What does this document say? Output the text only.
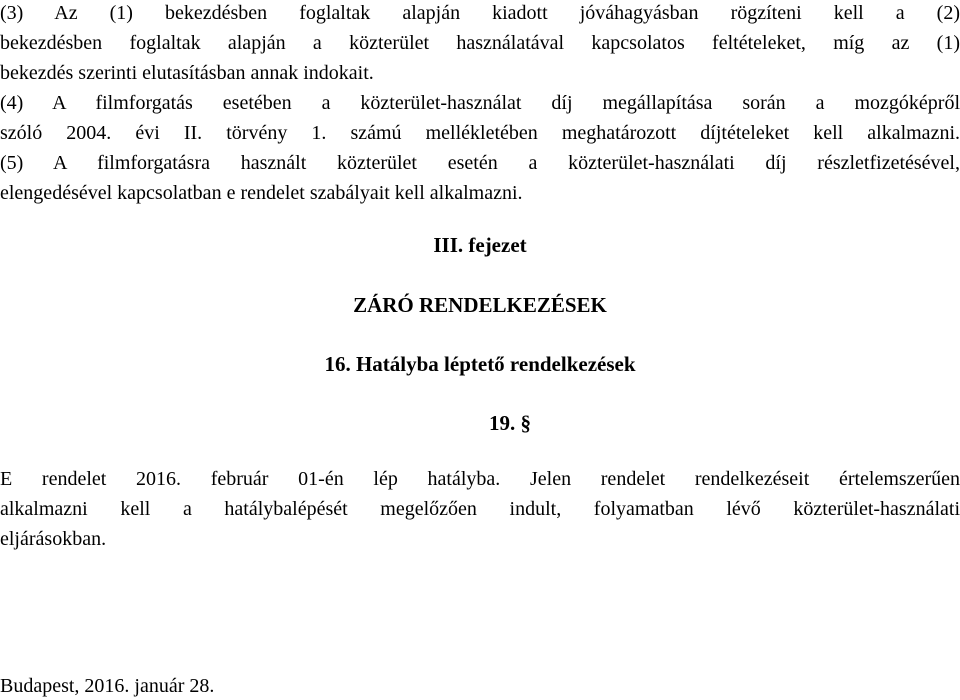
(3) Az (1) bekezdésben foglaltak alapján kiadott jóváhagyásban rögzíteni kell a (2)
bekezdésben foglaltak alapján a közterület használatával kapcsolatos feltételeket, míg az (1)
bekezdés szerinti elutasításban annak indokait.
(4) A filmforgatás esetében a közterület-használat díj megállapítása során a mozgóképről
szóló 2004. évi II. törvény 1. számú mellékletében meghatározott díjtételeket kell alkalmazni.
(5) A filmforgatásra használt közterület esetén a közterület-használati díj részletfizetésével,
elengedésével kapcsolatban e rendelet szabályait kell alkalmazni.
III. fejezet
ZÁRÓ RENDELKEZÉSEK
16. Hatályba léptető rendelkezések
19. §
E rendelet 2016. február 01-én lép hatályba. Jelen rendelet rendelkezéseit értelemszerűen
alkalmazni kell a hatálybalépését megelőzően indult, folyamatban lévő közterület-használati
eljárásokban.
Budapest, 2016. január 28.
